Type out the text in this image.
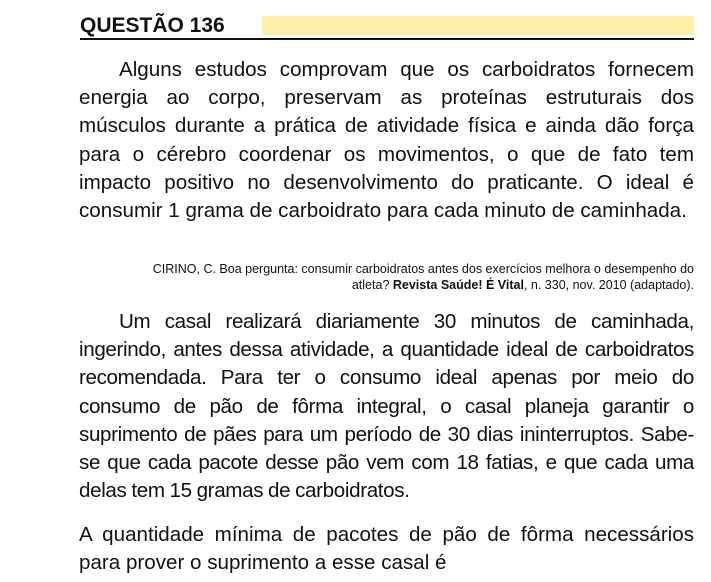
QUESTÃO 136
Alguns estudos comprovam que os carboidratos fornecem energia ao corpo, preservam as proteínas estruturais dos músculos durante a prática de atividade física e ainda dão força para o cérebro coordenar os movimentos, o que de fato tem impacto positivo no desenvolvimento do praticante. O ideal é consumir 1 grama de carboidrato para cada minuto de caminhada.
CIRINO, C. Boa pergunta: consumir carboidratos antes dos exercícios melhora o desempenho do atleta? Revista Saúde! É Vital, n. 330, nov. 2010 (adaptado).
Um casal realizará diariamente 30 minutos de caminhada, ingerindo, antes dessa atividade, a quantidade ideal de carboidratos recomendada. Para ter o consumo ideal apenas por meio do consumo de pão de fôrma integral, o casal planeja garantir o suprimento de pães para um período de 30 dias ininterruptos. Sabe-se que cada pacote desse pão vem com 18 fatias, e que cada uma delas tem 15 gramas de carboidratos.
A quantidade mínima de pacotes de pão de fôrma necessários para prover o suprimento a esse casal é
